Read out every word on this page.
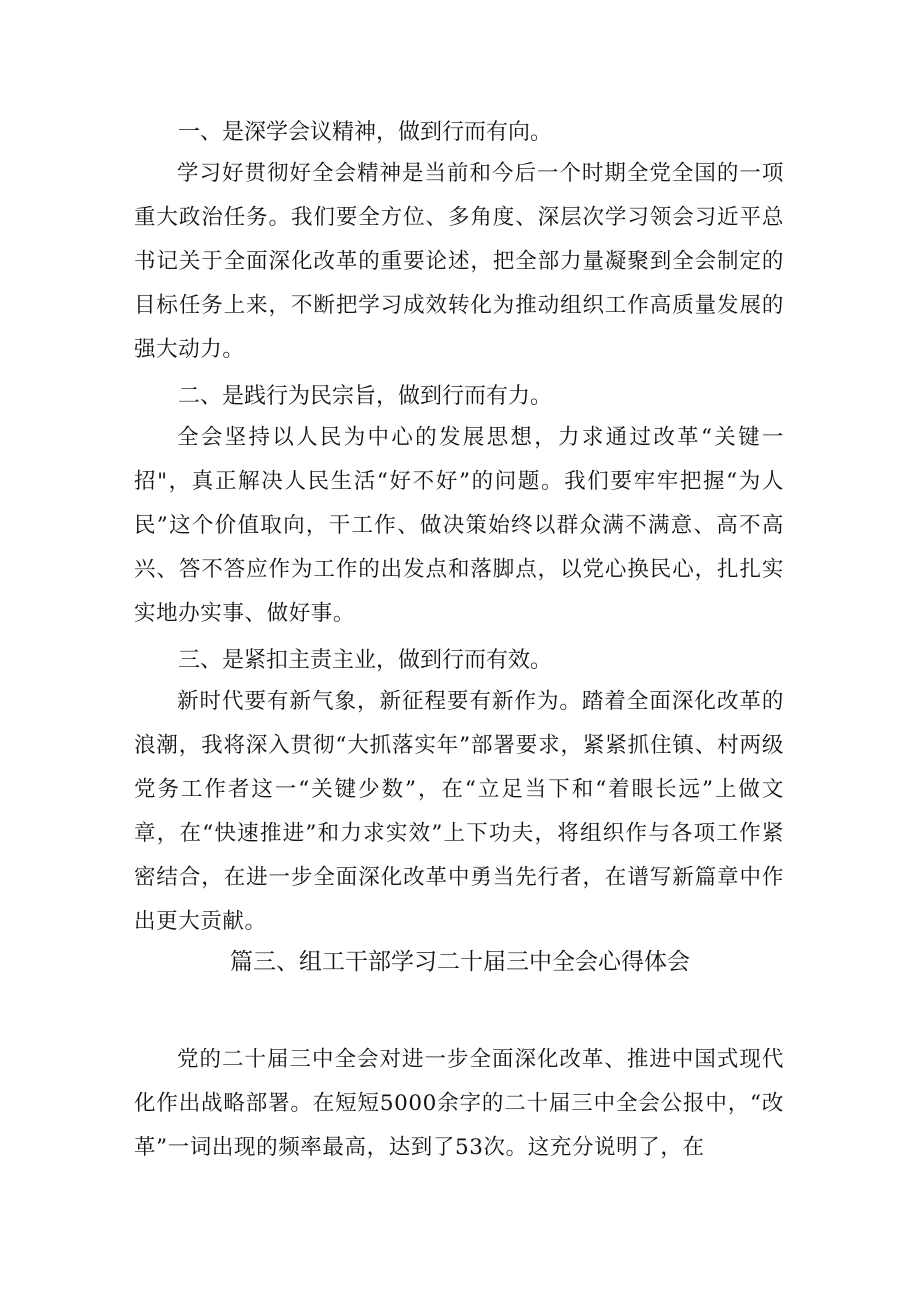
一、是深学会议精神，做到行而有向。

学习好贯彻好全会精神是当前和今后一个时期全党全国的一项重大政治任务。我们要全方位、多角度、深层次学习领会习近平总书记关于全面深化改革的重要论述，把全部力量凝聚到全会制定的目标任务上来，不断把学习成效转化为推动组织工作高质量发展的强大动力。

二、是践行为民宗旨，做到行而有力。

全会坚持以人民为中心的发展思想，力求通过改革“关键一招"，真正解决人民生活“好不好”的问题。我们要牢牢把握“为人民”这个价值取向，干工作、做决策始终以群众满不满意、高不高兴、答不答应作为工作的出发点和落脚点，以党心换民心，扎扎实实地办实事、做好事。

三、是紧扣主责主业，做到行而有效。

新时代要有新气象，新征程要有新作为。踏着全面深化改革的浪潮，我将深入贯彻“大抓落实年”部署要求，紧紧抓住镇、村两级党务工作者这一“关键少数”，在“立足当下和“着眼长远”上做文章，在“快速推进”和力求实效”上下功夫，将组织作与各项工作紧密结合，在进一步全面深化改革中勇当先行者，在谱写新篇章中作出更大贡献。

篇三、组工干部学习二十届三中全会心得体会

党的二十届三中全会对进一步全面深化改革、推进中国式现代化作出战略部署。在短短5000余字的二十届三中全会公报中，“改革”一词出现的频率最高，达到了53次。这充分说明了，在
